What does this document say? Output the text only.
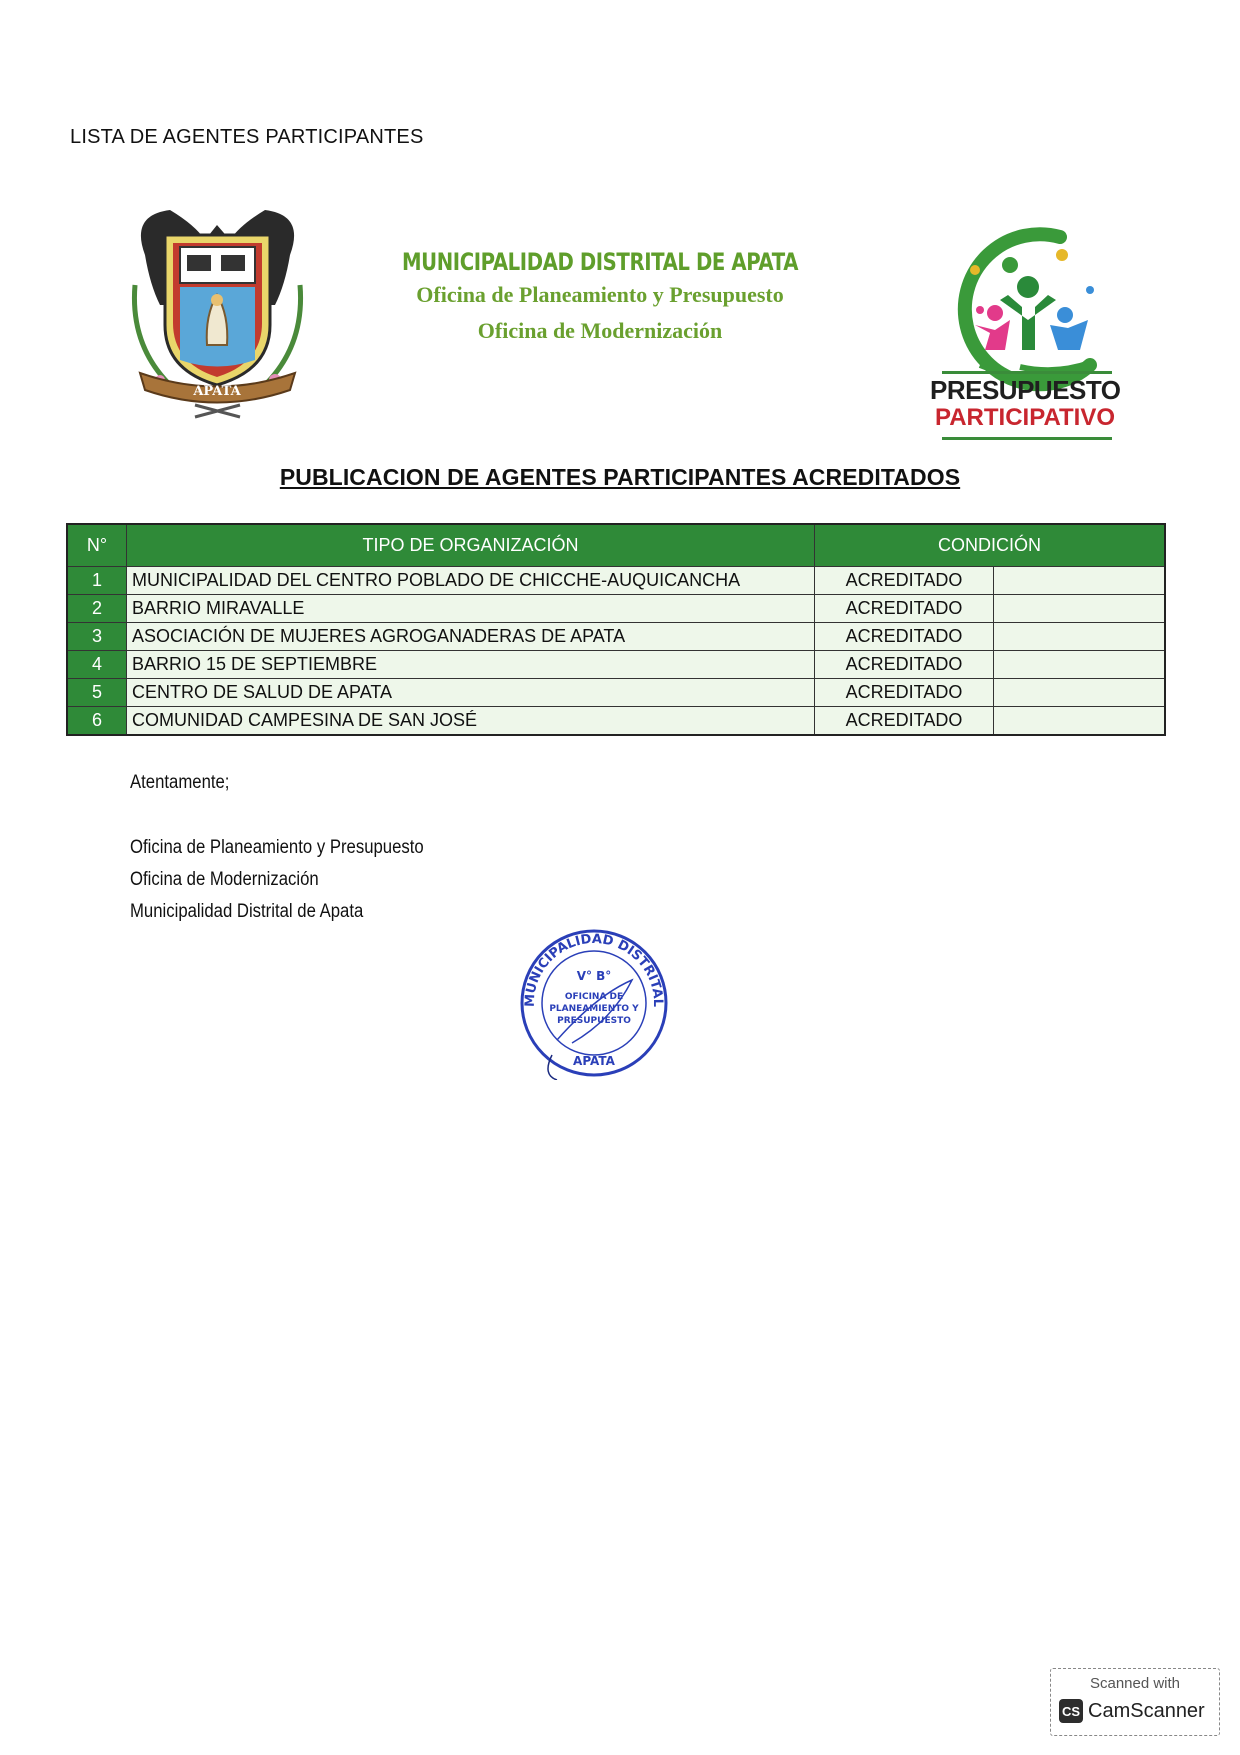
LISTA DE AGENTES PARTICIPANTES
APATA
MUNICIPALIDAD DISTRITAL DE APATA
Oficina de Planeamiento y Presupuesto
Oficina de Modernización
PRESUPUESTO
PARTICIPATIVO
PUBLICACION DE AGENTES PARTICIPANTES ACREDITADOS
N°	TIPO DE ORGANIZACIÓN	CONDICIÓN	
1	MUNICIPALIDAD DEL CENTRO POBLADO DE CHICCHE-AUQUICANCHA	ACREDITADO	
2	BARRIO MIRAVALLE	ACREDITADO	
3	ASOCIACIÓN DE MUJERES AGROGANADERAS DE APATA	ACREDITADO	
4	BARRIO 15 DE SEPTIEMBRE	ACREDITADO	
5	CENTRO DE SALUD DE APATA	ACREDITADO	
6	COMUNIDAD CAMPESINA DE SAN JOSÉ	ACREDITADO	
Atentamente;
Oficina de Planeamiento y Presupuesto
Oficina de Modernización
Municipalidad Distrital de Apata
MUNICIPALIDAD DISTRITAL
V° B°
OFICINA DE
PLANEAMIENTO Y
PRESUPUESTO
APATA
Scanned with
CS CamScanner
